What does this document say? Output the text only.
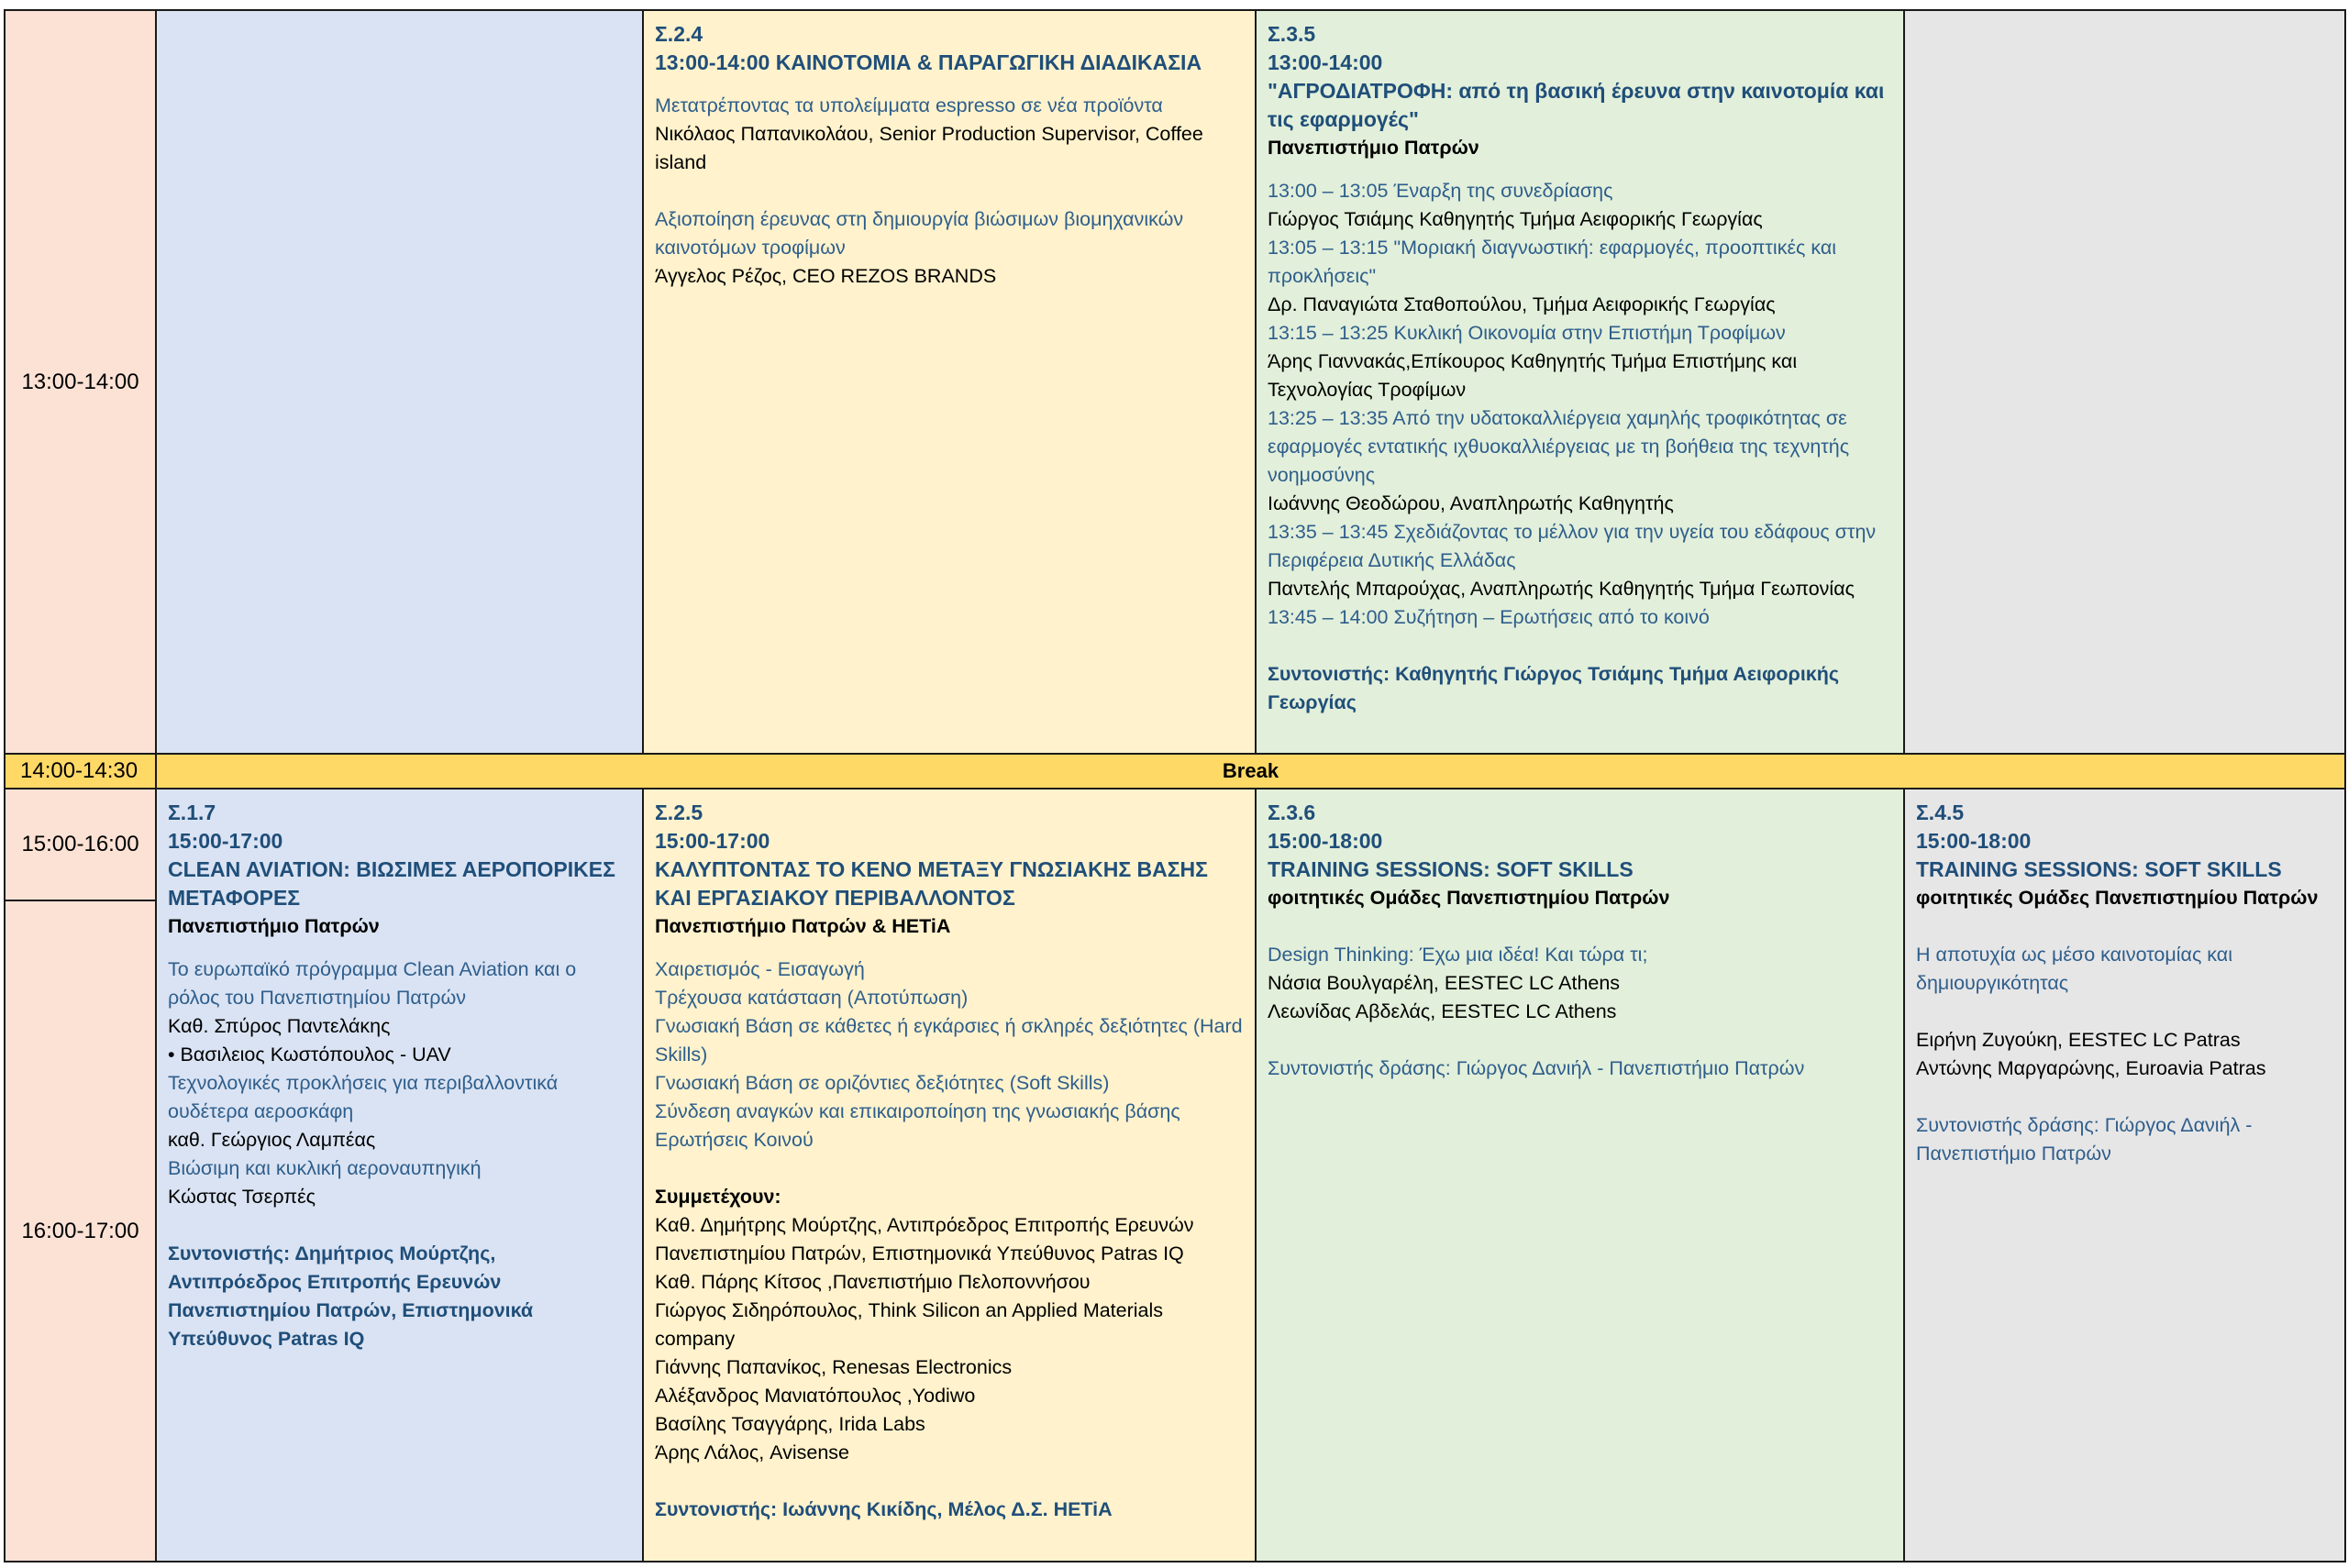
13:00-14:00

Σ.2.4

13:00-14:00 ΚΑΙΝΟΤΟΜΙΑ & ΠΑΡΑΓΩΓΙΚΗ ΔΙΑΔΙΚΑΣΙΑ

Μετατρέποντας τα υπολείμματα espresso σε νέα προϊόντα

Νικόλαος Παπανικολάου, Senior Production Supervisor, Coffee island

Αξιοποίηση έρευνας στη δημιουργία βιώσιμων βιομηχανικών καινοτόμων τροφίμων

Άγγελος Ρέζος, CEO REZOS BRANDS

Σ.3.5

13:00-14:00

"ΑΓΡΟΔΙΑΤΡΟΦΗ: από τη βασική έρευνα στην καινοτομία και τις εφαρμογές"

Πανεπιστήμιο Πατρών

13:00 – 13:05 Έναρξη της συνεδρίασης

Γιώργος Τσιάμης Καθηγητής Τμήμα Αειφορικής Γεωργίας

13:05 – 13:15 "Μοριακή διαγνωστική: εφαρμογές, προοπτικές και προκλήσεις"

Δρ. Παναγιώτα Σταθοπούλου, Τμήμα Αειφορικής Γεωργίας

13:15 – 13:25 Κυκλική Οικονομία στην Επιστήμη Τροφίμων

Άρης Γιαννακάς,Επίκουρος Καθηγητής Τμήμα Επιστήμης και Τεχνολογίας Τροφίμων

13:25 – 13:35 Από την υδατοκαλλιέργεια χαμηλής τροφικότητας σε εφαρμογές εντατικής ιχθυοκαλλιέργειας με τη βοήθεια της τεχνητής νοημοσύνης

Ιωάννης Θεοδώρου, Αναπληρωτής Καθηγητής

13:35 – 13:45 Σχεδιάζοντας το μέλλον για την υγεία του εδάφους στην Περιφέρεια Δυτικής Ελλάδας

Παντελής Μπαρούχας, Αναπληρωτής Καθηγητής Τμήμα Γεωπονίας

13:45 – 14:00 Συζήτηση – Ερωτήσεις από το κοινό

Συντονιστής: Καθηγητής Γιώργος Τσιάμης Τμήμα Αειφορικής Γεωργίας

14:00-14:30	Break
15:00-16:00
16:00-17:00

Σ.1.7

15:00-17:00

CLEAN AVIATION: ΒΙΩΣΙΜΕΣ ΑΕΡΟΠΟΡΙΚΕΣ ΜΕΤΑΦΟΡΕΣ

Πανεπιστήμιο Πατρών

Το ευρωπαϊκό πρόγραμμα Clean Aviation και ο ρόλος του Πανεπιστημίου Πατρών

Καθ. Σπύρος Παντελάκης

• Βασιλειος Κωστόπουλος - UAV

Τεχνολογικές προκλήσεις για περιβαλλοντικά ουδέτερα αεροσκάφη

καθ. Γεώργιος Λαμπέας

Βιώσιμη και κυκλική αεροναυπηγική

Κώστας Τσερπές

Συντονιστής: Δημήτριος Μούρτζης, Αντιπρόεδρος Επιτροπής Ερευνών Πανεπιστημίου Πατρών, Επιστημονικά Υπεύθυνος Patras IQ

Σ.2.5

15:00-17:00

ΚΑΛΥΠΤΟΝΤΑΣ ΤΟ ΚΕΝΟ ΜΕΤΑΞΥ ΓΝΩΣΙΑΚΗΣ ΒΑΣΗΣ ΚΑΙ ΕΡΓΑΣΙΑΚΟΥ ΠΕΡΙΒΑΛΛΟΝΤΟΣ

Πανεπιστήμιο Πατρών & HETiA

Χαιρετισμός - Εισαγωγή

Τρέχουσα κατάσταση (Αποτύπωση)

Γνωσιακή Βάση σε κάθετες ή εγκάρσιες ή σκληρές δεξιότητες (Hard Skills)

Γνωσιακή Βάση σε οριζόντιες δεξιότητες (Soft Skills)

Σύνδεση αναγκών και επικαιροποίηση της γνωσιακής βάσης

Ερωτήσεις Κοινού

Συμμετέχουν:

Καθ. Δημήτρης Μούρτζης, Αντιπρόεδρος Επιτροπής Ερευνών Πανεπιστημίου Πατρών, Επιστημονικά Υπεύθυνος Patras IQ

Καθ. Πάρης Κίτσος ,Πανεπιστήμιο Πελοποννήσου

Γιώργος Σιδηρόπουλος, Think Silicon an Applied Materials company

Γιάννης Παπανίκος, Renesas Electronics

Αλέξανδρος Μανιατόπουλος ,Yodiwo

Βασίλης Τσαγγάρης, Irida Labs

Άρης Λάλος, Avisense

Συντονιστής: Ιωάννης Κικίδης, Μέλος Δ.Σ. HETiA

Σ.3.6

15:00-18:00

TRAINING SESSIONS: SOFT SKILLS

φοιτητικές Ομάδες Πανεπιστημίου Πατρών

Design Thinking: Έχω μια ιδέα! Και τώρα τι;

Νάσια Βουλγαρέλη, EESTEC LC Athens

Λεωνίδας Αβδελάς, EESTEC LC Athens

Συντονιστής δράσης: Γιώργος Δανιήλ - Πανεπιστήμιο Πατρών

Σ.4.5

15:00-18:00

TRAINING SESSIONS: SOFT SKILLS

φοιτητικές Ομάδες Πανεπιστημίου Πατρών

Η αποτυχία ως μέσο καινοτομίας και δημιουργικότητας

Ειρήνη Ζυγούκη, EESTEC LC Patras

Αντώνης Μαργαρώνης, Euroavia Patras

Συντονιστής δράσης: Γιώργος Δανιήλ - Πανεπιστήμιο Πατρών
